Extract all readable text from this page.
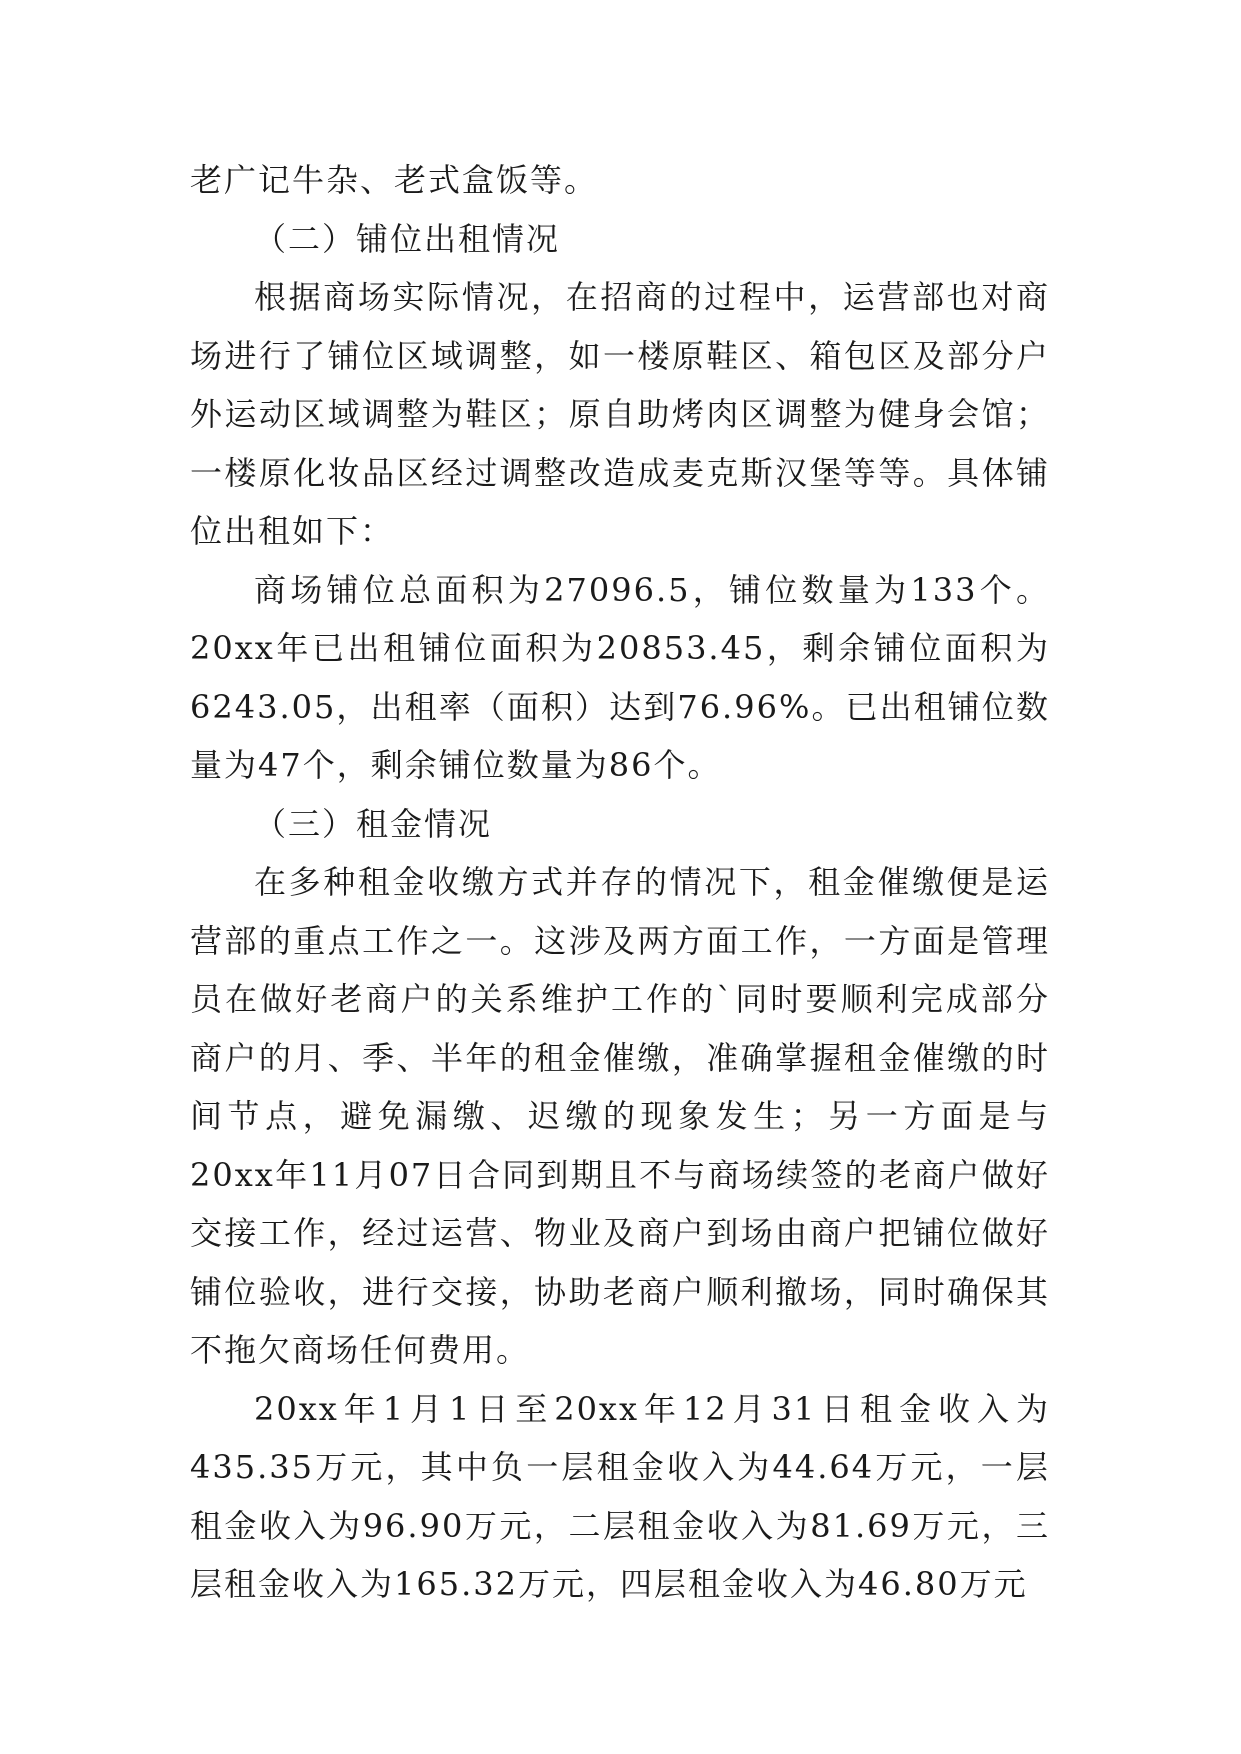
老广记牛杂、老式盒饭等。

（二）铺位出租情况

根据商场实际情况，在招商的过程中，运营部也对商场进行了铺位区域调整，如一楼原鞋区、箱包区及部分户外运动区域调整为鞋区；原自助烤肉区调整为健身会馆；一楼原化妆品区经过调整改造成麦克斯汉堡等等。具体铺位出租如下：

商场铺位总面积为27096.5，铺位数量为133个。20xx年已出租铺位面积为20853.45，剩余铺位面积为6243.05，出租率（面积）达到76.96%。已出租铺位数量为47个，剩余铺位数量为86个。

（三）租金情况

在多种租金收缴方式并存的情况下，租金催缴便是运营部的重点工作之一。这涉及两方面工作，一方面是管理员在做好老商户的关系维护工作的`同时要顺利完成部分商户的月、季、半年的租金催缴，准确掌握租金催缴的时间节点，避免漏缴、迟缴的现象发生；另一方面是与20xx年11月07日合同到期且不与商场续签的老商户做好交接工作，经过运营、物业及商户到场由商户把铺位做好铺位验收，进行交接，协助老商户顺利撤场，同时确保其不拖欠商场任何费用。

20xx年1月1日至20xx年12月31日租金收入为435.35万元，其中负一层租金收入为44.64万元，一层租金收入为96.90万元，二层租金收入为81.69万元，三层租金收入为165.32万元，四层租金收入为46.80万元
